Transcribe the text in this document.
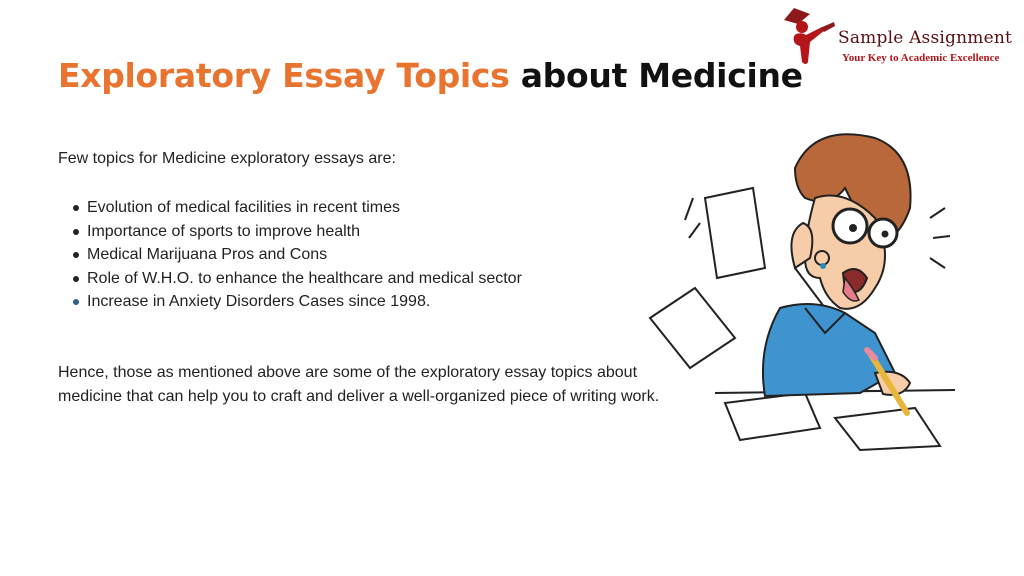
Sample Assignment
Your Key to Academic Excellence
Exploratory Essay Topics about Medicine

Few topics for Medicine exploratory essays are:

Evolution of medical facilities in recent times
Importance of sports to improve health
Medical Marijuana Pros and Cons
Role of W.H.O. to enhance the healthcare and medical sector
Increase in Anxiety Disorders Cases since 1998.

Hence, those as mentioned above are some of the exploratory essay topics about medicine that can help you to craft and deliver a well-organized piece of writing work.
